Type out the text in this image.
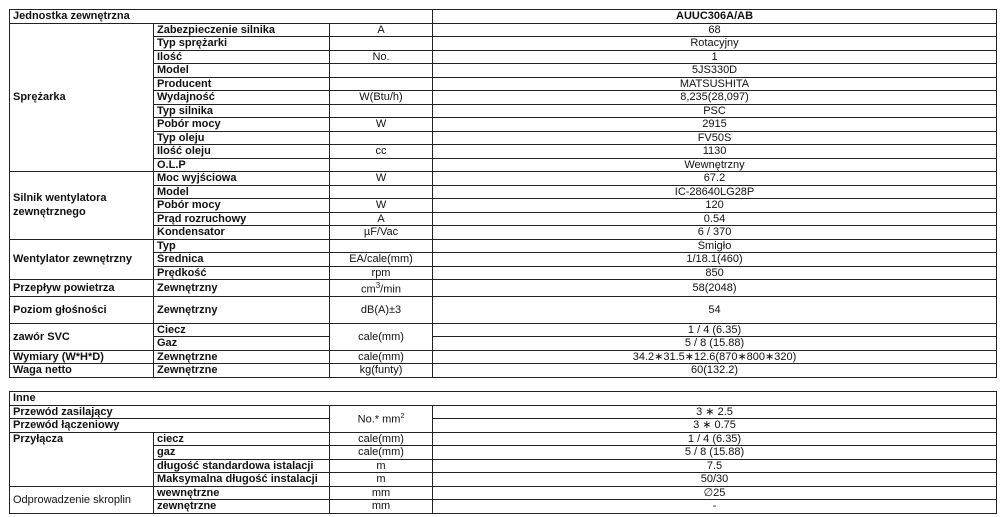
Jednostka zewnętrzna			AUUC306A/AB
Sprężarka	Zabezpieczenie silnika	A	68
	Typ sprężarki		Rotacyjny
	Ilość	No.	1
	Model		5JS330D
	Producent		MATSUSHITA
	Wydajność	W(Btu/h)	8,235(28,097)
	Typ silnika		PSC
	Pobór mocy	W	2915
	Typ oleju		FV50S
	Ilość oleju	cc	1130
	O.L.P		Wewnętrzny
Silnik wentylatora zewnętrznego	Moc wyjściowa	W	67.2
	Model		IC-28640LG28P
	Pobór mocy	W	120
	Prąd rozruchowy	A	0.54
	Kondensator	µF/Vac	6 / 370
Wentylator zewnętrzny	Typ		Śmigło
	Średnica	EA/cale(mm)	1/18.1(460)
	Prędkość	rpm	850
Przepływ powietrza	Zewnętrzny	$cm^3/\min$	58(2048)
Poziom głośności	Zewnętrzny	dB(A)±3	54
zawór SVC	Ciecz	cale(mm)	1 / 4 (6.35)
	Gaz		5 / 8 (15.88)
Wymiary (W*H*D)	Zewnętrzne	cale(mm)	34.2∗31.5∗12.6(870∗800∗320)
Waga netto	Zewnętrzne	kg(funty)	60(132.2)
Inne			
Przewód zasilający		No.* $mm^2$	3 ∗ 2.5
Przewód łączeniowy			3 ∗ 0.75
Przyłącza	ciecz	cale(mm)	1 / 4 (6.35)
	gaz	cale(mm)	5 / 8 (15.88)
	długość standardowa istalacji	m	7.5
	Maksymalna długość instalacji	m	50/30
Odprowadzenie skroplin	wewnętrzne	mm	∅25
	zewnętrzne	mm	-
